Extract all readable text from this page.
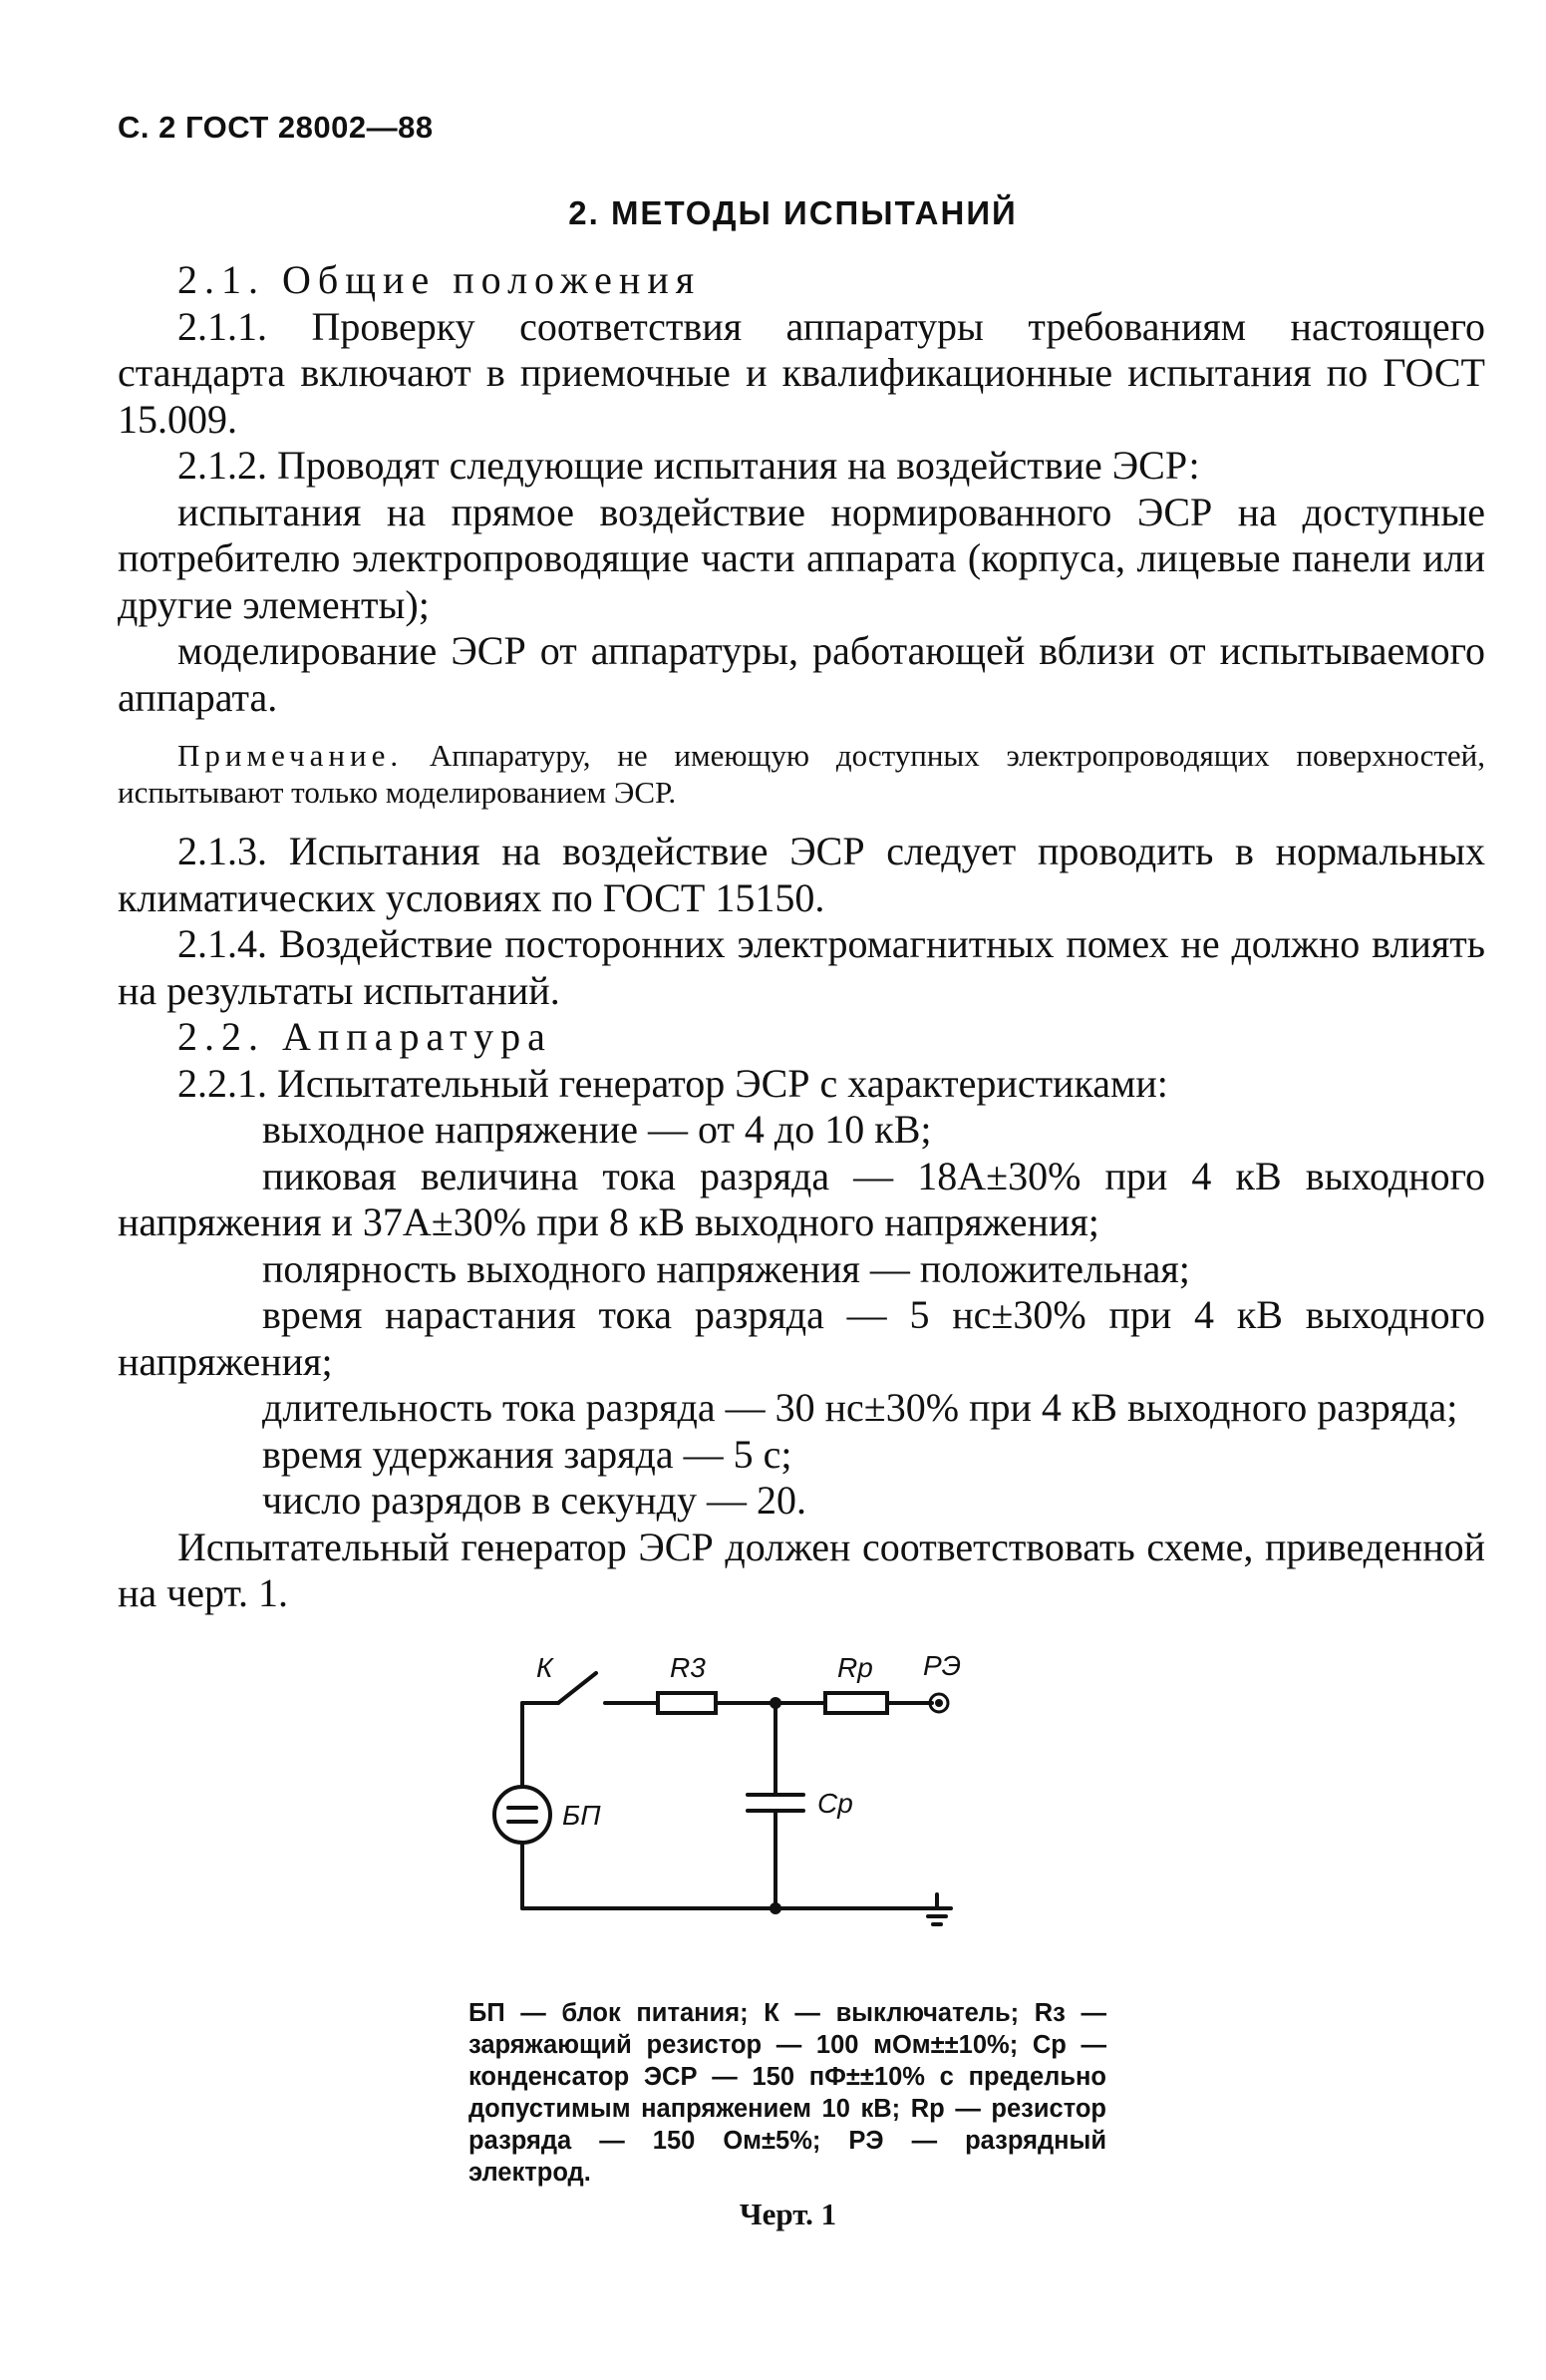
С. 2 ГОСТ 28002—88
2. МЕТОДЫ ИСПЫТАНИЙ

2.1. Общие положения

2.1.1. Проверку соответствия аппаратуры требованиям настоящего стандарта включают в приемочные и квалификационные испытания по ГОСТ 15.009.

2.1.2. Проводят следующие испытания на воздействие ЭСР:

испытания на прямое воздействие нормированного ЭСР на доступные потребителю электропроводящие части аппарата (корпуса, лицевые панели или другие элементы);

моделирование ЭСР от аппаратуры, работающей вблизи от испытываемого аппарата.

Примечание. Аппаратуру, не имеющую доступных электропроводящих поверхностей, испытывают только моделированием ЭСР.

2.1.3. Испытания на воздействие ЭСР следует проводить в нормальных климатических условиях по ГОСТ 15150.

2.1.4. Воздействие посторонних электромагнитных помех не должно влиять на результаты испытаний.

2.2. Аппаратура

2.2.1. Испытательный генератор ЭСР с характеристиками:

выходное напряжение — от 4 до 10 кВ;

пиковая величина тока разряда — 18А±30% при 4 кВ выходного напряжения и 37А±30% при 8 кВ выходного напряжения;

полярность выходного напряжения — положительная;

время нарастания тока разряда — 5 нс±30% при 4 кВ выходного напряжения;

длительность тока разряда — 30 нс±30% при 4 кВ выходного разряда;

время удержания заряда — 5 с;

число разрядов в секунду — 20.

Испытательный генератор ЭСР должен соответствовать схеме, приведенной на черт. 1.

К	R3	Rр РЭ
БП	Cр
БП — блок питания; К — выключатель; Rз — заряжающий резистор — 100 мОм±±10%; Cр — конденсатор ЭСР — 150 пФ±±10% с предельно допустимым напряжением 10 кВ; Rр — резистор разряда — 150 Ом±5%; РЭ — разрядный электрод.
Черт. 1
